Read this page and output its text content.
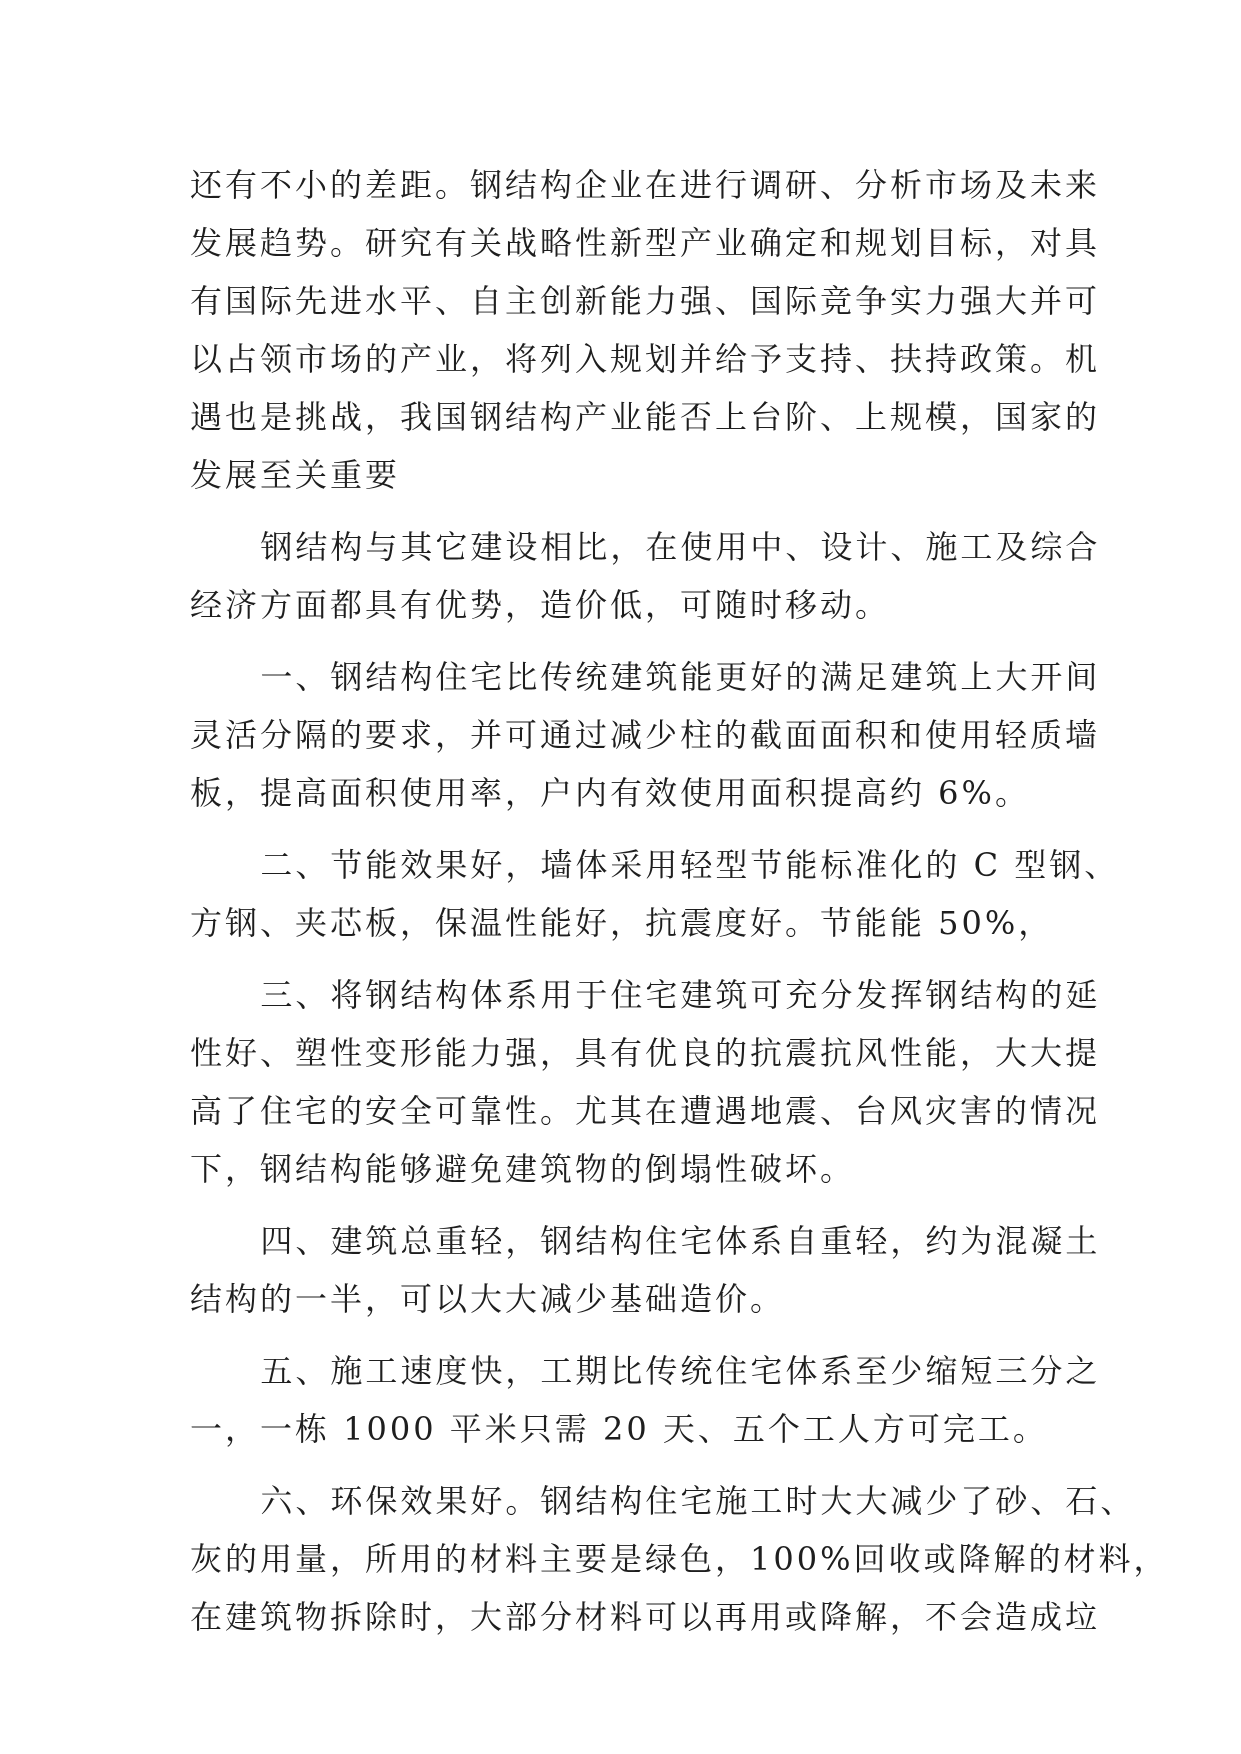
还有不小的差距。钢结构企业在进行调研、分析市场及未来
发展趋势。研究有关战略性新型产业确定和规划目标，对具
有国际先进水平、自主创新能力强、国际竞争实力强大并可
以占领市场的产业，将列入规划并给予支持、扶持政策。机
遇也是挑战，我国钢结构产业能否上台阶、上规模，国家的
发展至关重要
钢结构与其它建设相比，在使用中、设计、施工及综合
经济方面都具有优势，造价低，可随时移动。
一、钢结构住宅比传统建筑能更好的满足建筑上大开间
灵活分隔的要求，并可通过减少柱的截面面积和使用轻质墙
板，提高面积使用率，户内有效使用面积提高约 6%。
二、节能效果好，墙体采用轻型节能标准化的 C 型钢、
方钢、夹芯板，保温性能好，抗震度好。节能能 50%，
三、将钢结构体系用于住宅建筑可充分发挥钢结构的延
性好、塑性变形能力强，具有优良的抗震抗风性能，大大提
高了住宅的安全可靠性。尤其在遭遇地震、台风灾害的情况
下，钢结构能够避免建筑物的倒塌性破坏。
四、建筑总重轻，钢结构住宅体系自重轻，约为混凝土
结构的一半，可以大大减少基础造价。
五、施工速度快，工期比传统住宅体系至少缩短三分之
一，一栋 1000 平米只需 20 天、五个工人方可完工。
六、环保效果好。钢结构住宅施工时大大减少了砂、石、
灰的用量，所用的材料主要是绿色，100%回收或降解的材料，
在建筑物拆除时，大部分材料可以再用或降解，不会造成垃
